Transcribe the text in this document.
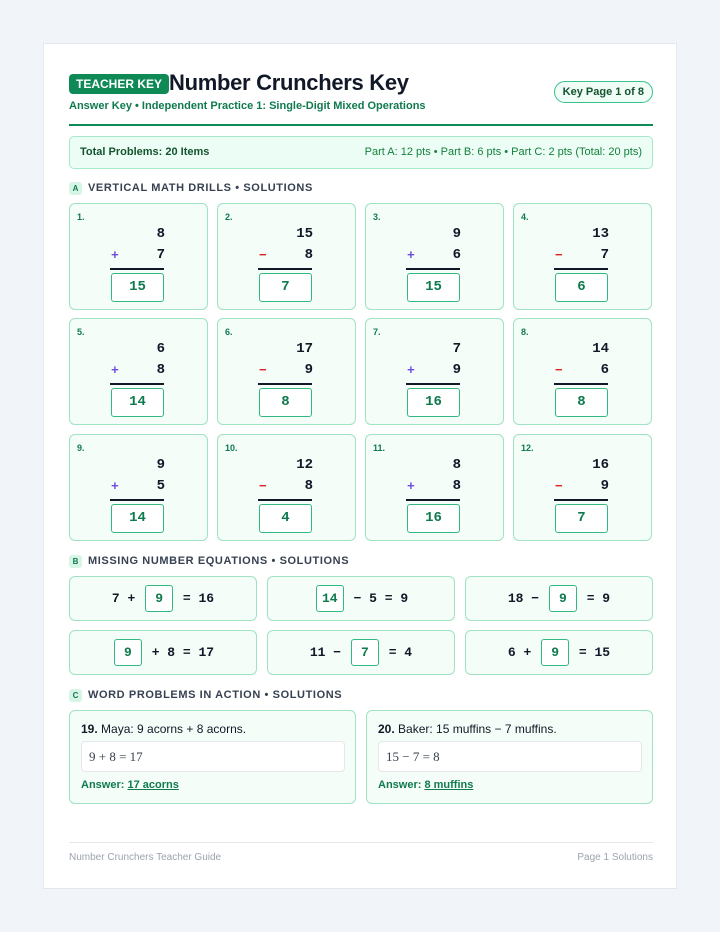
TEACHER KEY Number Crunchers Key
Answer Key • Independent Practice 1: Single-Digit Mixed Operations
Key Page 1 of 8
Total Problems: 20 Items	Part A: 12 pts • Part B: 6 pts • Part C: 2 pts (Total: 20 pts)
A VERTICAL MATH DRILLS • SOLUTIONS
1.
8
+	7
15
2.
15
−	8
7
3.
9
+	6
15
4.
13
−	7
6
5.
6
+	8
14
6.
17
−	9
8
7.
7
+	9
16
8.
14
−	6
8
9.
9
+	5
14
10.
12
−	8
4
11.
8
+	8
16
12.
16
−	9
7
B MISSING NUMBER EQUATIONS • SOLUTIONS
7 + 9 = 16	14 − 5 = 9	18 − 9 = 9
9 + 8 = 17	11 − 7 = 4	6 + 9 = 15
C WORD PROBLEMS IN ACTION • SOLUTIONS
19. Maya: 9 acorns + 8 acorns.
9 + 8 = 17
Answer: 17 acorns
20. Baker: 15 muffins − 7 muffins.
15 − 7 = 8
Answer: 8 muffins
Number Crunchers Teacher Guide	Page 1 Solutions
